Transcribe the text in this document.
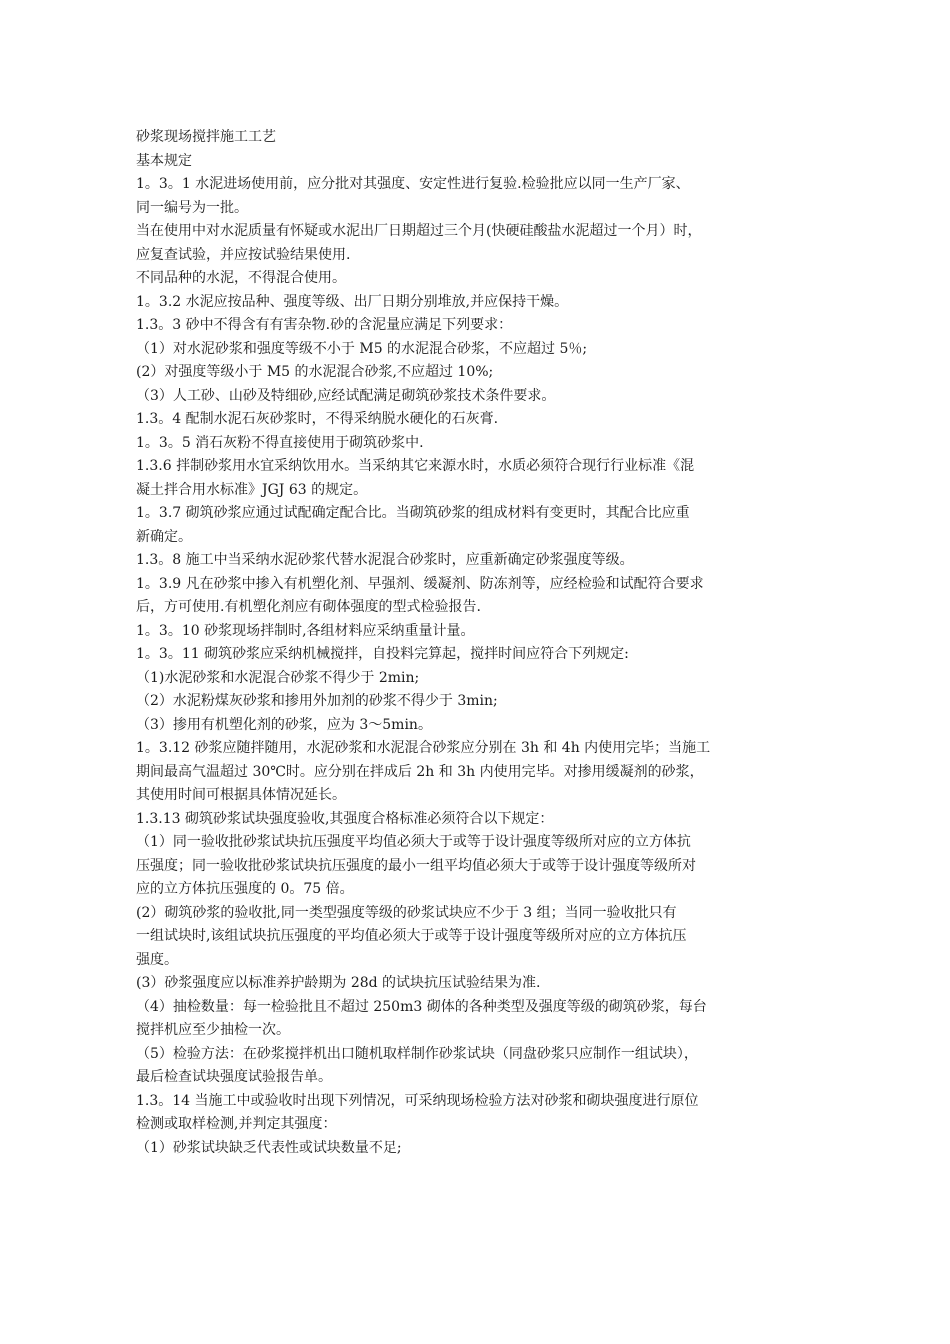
砂浆现场搅拌施工工艺

基本规定

1。3。1 水泥进场使用前，应分批对其强度、安定性进行复验.检验批应以同一生产厂家、

同一编号为一批。

当在使用中对水泥质量有怀疑或水泥出厂日期超过三个月(快硬硅酸盐水泥超过一个月）时，

应复查试验，并应按试验结果使用.

不同品种的水泥，不得混合使用。

1。3.2 水泥应按品种、强度等级、出厂日期分别堆放,并应保持干燥。

1.3。3 砂中不得含有有害杂物.砂的含泥量应满足下列要求：

（1）对水泥砂浆和强度等级不小于 M5 的水泥混合砂浆，不应超过 5％;

(2）对强度等级小于 M5 的水泥混合砂浆,不应超过 10%;

（3）人工砂、山砂及特细砂,应经试配满足砌筑砂浆技术条件要求。

1.3。4 配制水泥石灰砂浆时，不得采纳脱水硬化的石灰膏.

1。3。5 消石灰粉不得直接使用于砌筑砂浆中.

1.3.6 拌制砂浆用水宜采纳饮用水。当采纳其它来源水时，水质必须符合现行行业标准《混

凝土拌合用水标准》JGJ 63 的规定。

1。3.7 砌筑砂浆应通过试配确定配合比。当砌筑砂浆的组成材料有变更时，其配合比应重

新确定。

1.3。8 施工中当采纳水泥砂浆代替水泥混合砂浆时，应重新确定砂浆强度等级。

1。3.9 凡在砂浆中掺入有机塑化剂、早强剂、缓凝剂、防冻剂等，应经检验和试配符合要求

后，方可使用.有机塑化剂应有砌体强度的型式检验报告.

1。3。10 砂浆现场拌制时,各组材料应采纳重量计量。

1。3。11 砌筑砂浆应采纳机械搅拌，自投料完算起，搅拌时间应符合下列规定:

（1)水泥砂浆和水泥混合砂浆不得少于 2min;

（2）水泥粉煤灰砂浆和掺用外加剂的砂浆不得少于 3min;

（3）掺用有机塑化剂的砂浆，应为 3～5min。

1。3.12 砂浆应随拌随用，水泥砂浆和水泥混合砂浆应分别在 3h 和 4h 内使用完毕；当施工

期间最高气温超过 30℃时。应分别在拌成后 2h 和 3h 内使用完毕。对掺用缓凝剂的砂浆，

其使用时间可根据具体情况延长。

1.3.13 砌筑砂浆试块强度验收,其强度合格标准必须符合以下规定：

（1）同一验收批砂浆试块抗压强度平均值必须大于或等于设计强度等级所对应的立方体抗

压强度；同一验收批砂浆试块抗压强度的最小一组平均值必须大于或等于设计强度等级所对

应的立方体抗压强度的 0。75 倍。

(2）砌筑砂浆的验收批,同一类型强度等级的砂浆试块应不少于 3 组；当同一验收批只有

一组试块时,该组试块抗压强度的平均值必须大于或等于设计强度等级所对应的立方体抗压

强度。

(3）砂浆强度应以标准养护龄期为 28d 的试块抗压试验结果为准.

（4）抽检数量：每一检验批且不超过 250m3 砌体的各种类型及强度等级的砌筑砂浆，每台

搅拌机应至少抽检一次。

（5）检验方法：在砂浆搅拌机出口随机取样制作砂浆试块（同盘砂浆只应制作一组试块），

最后检查试块强度试验报告单。

1.3。14 当施工中或验收时出现下列情况，可采纳现场检验方法对砂浆和砌块强度进行原位

检测或取样检测,并判定其强度：

（1）砂浆试块缺乏代表性或试块数量不足;
